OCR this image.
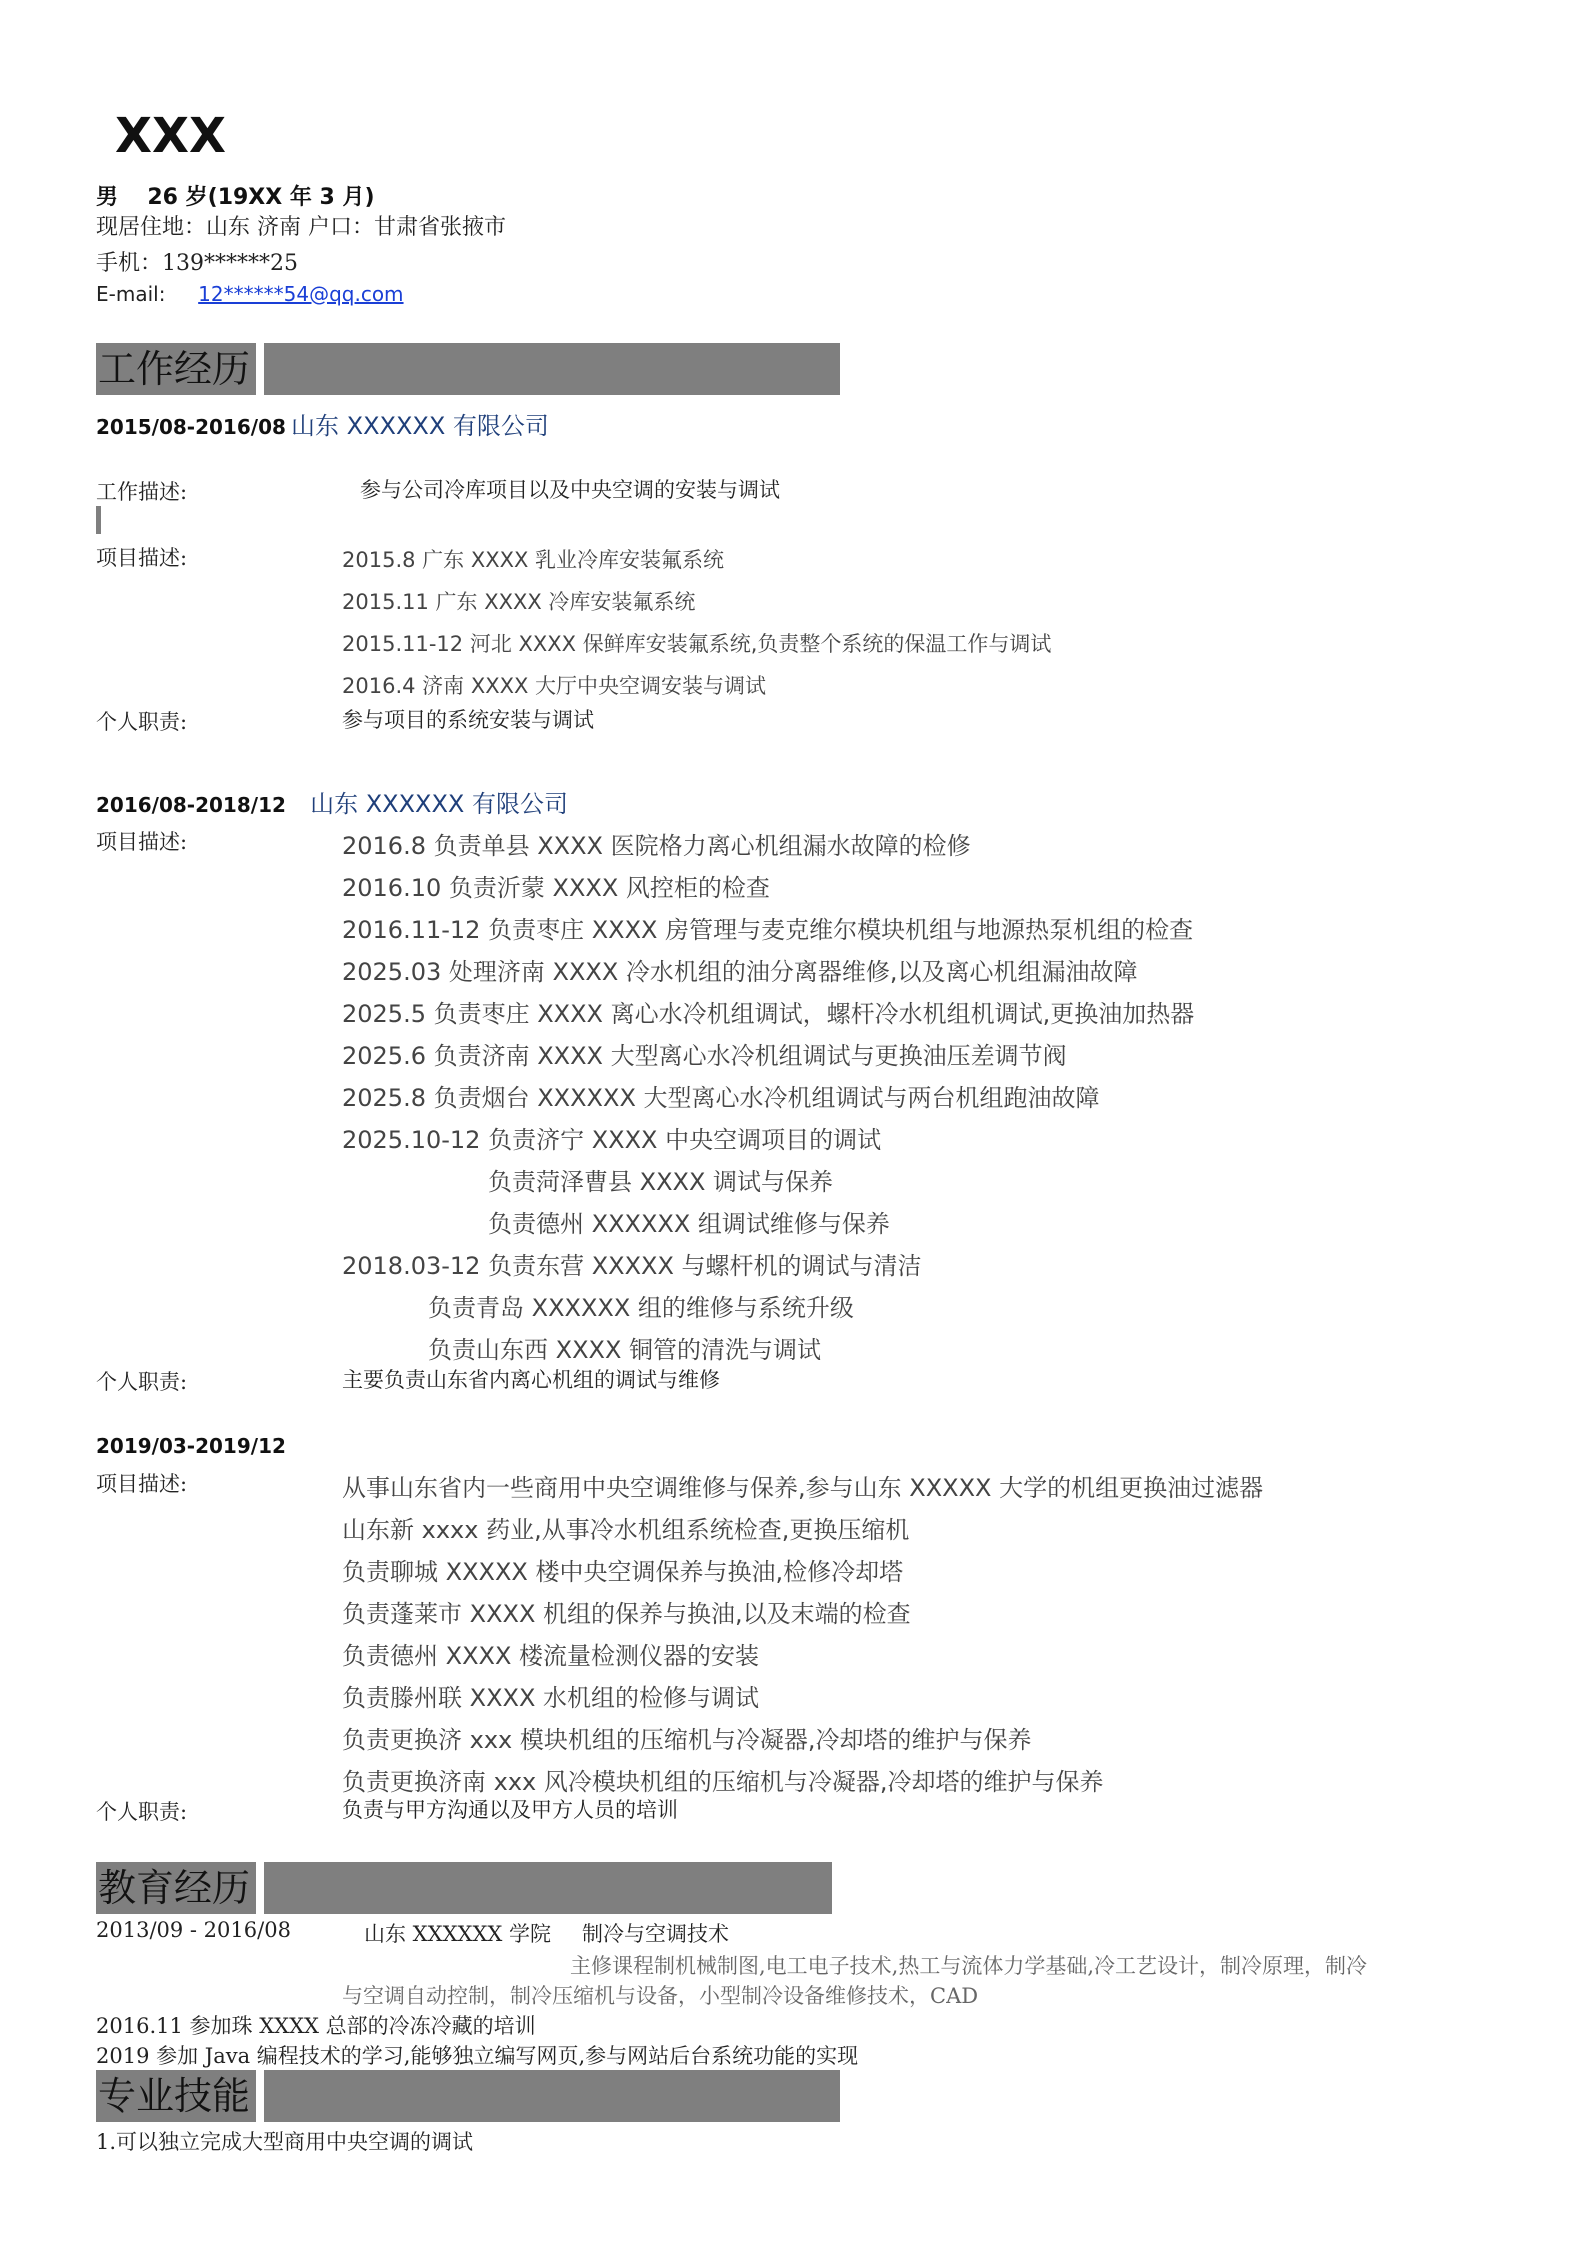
XXX
男 26 岁(19XX 年 3 月)
现居住地：山东 济南 户口：甘肃省张掖市
手机：139******25
E-mail: 12******54@qq.com
工作经历
2015/08-2016/08 山东 XXXXXX 有限公司
工作描述:	参与公司冷库项目以及中央空调的安装与调试
项目描述:	2015.8 广东 XXXX 乳业冷库安装氟系统
2015.11 广东 XXXX 冷库安装氟系统
2015.11-12 河北 XXXX 保鲜库安装氟系统,负责整个系统的保温工作与调试
2016.4 济南 XXXX 大厅中央空调安装与调试
个人职责:	参与项目的系统安装与调试
2016/08-2018/12 山东 XXXXXX 有限公司
项目描述:	2016.8 负责单县 XXXX 医院格力离心机组漏水故障的检修
2016.10 负责沂蒙 XXXX 风控柜的检查
2016.11-12 负责枣庄 XXXX 房管理与麦克维尔模块机组与地源热泵机组的检查
2025.03 处理济南 XXXX 冷水机组的油分离器维修,以及离心机组漏油故障
2025.5 负责枣庄 XXXX 离心水冷机组调试，螺杆冷水机组机调试,更换油加热器
2025.6 负责济南 XXXX 大型离心水冷机组调试与更换油压差调节阀
2025.8 负责烟台 XXXXXX 大型离心水冷机组调试与两台机组跑油故障
2025.10-12 负责济宁 XXXX 中央空调项目的调试
负责菏泽曹县 XXXX 调试与保养
负责德州 XXXXXX 组调试维修与保养
2018.03-12 负责东营 XXXXX 与螺杆机的调试与清洁
负责青岛 XXXXXX 组的维修与系统升级
负责山东西 XXXX 铜管的清洗与调试
个人职责:	主要负责山东省内离心机组的调试与维修
2019/03-2019/12
项目描述:	从事山东省内一些商用中央空调维修与保养,参与山东 XXXXX 大学的机组更换油过滤器
山东新 xxxx 药业,从事冷水机组系统检查,更换压缩机
负责聊城 XXXXX 楼中央空调保养与换油,检修冷却塔
负责蓬莱市 XXXX 机组的保养与换油,以及末端的检查
负责德州 XXXX 楼流量检测仪器的安装
负责滕州联 XXXX 水机组的检修与调试
负责更换济 xxx 模块机组的压缩机与冷凝器,冷却塔的维护与保养
负责更换济南 xxx 风冷模块机组的压缩机与冷凝器,冷却塔的维护与保养
个人职责:	负责与甲方沟通以及甲方人员的培训
教育经历
2013/09 - 2016/08	山东 XXXXXX 学院 制冷与空调技术
主修课程制机械制图,电工电子技术,热工与流体力学基础,冷工艺设计，制冷原理，制冷
与空调自动控制，制冷压缩机与设备，小型制冷设备维修技术，CAD
2016.11 参加珠 XXXX 总部的冷冻冷藏的培训
2019 参加 Java 编程技术的学习,能够独立编写网页,参与网站后台系统功能的实现
专业技能
1.可以独立完成大型商用中央空调的调试
